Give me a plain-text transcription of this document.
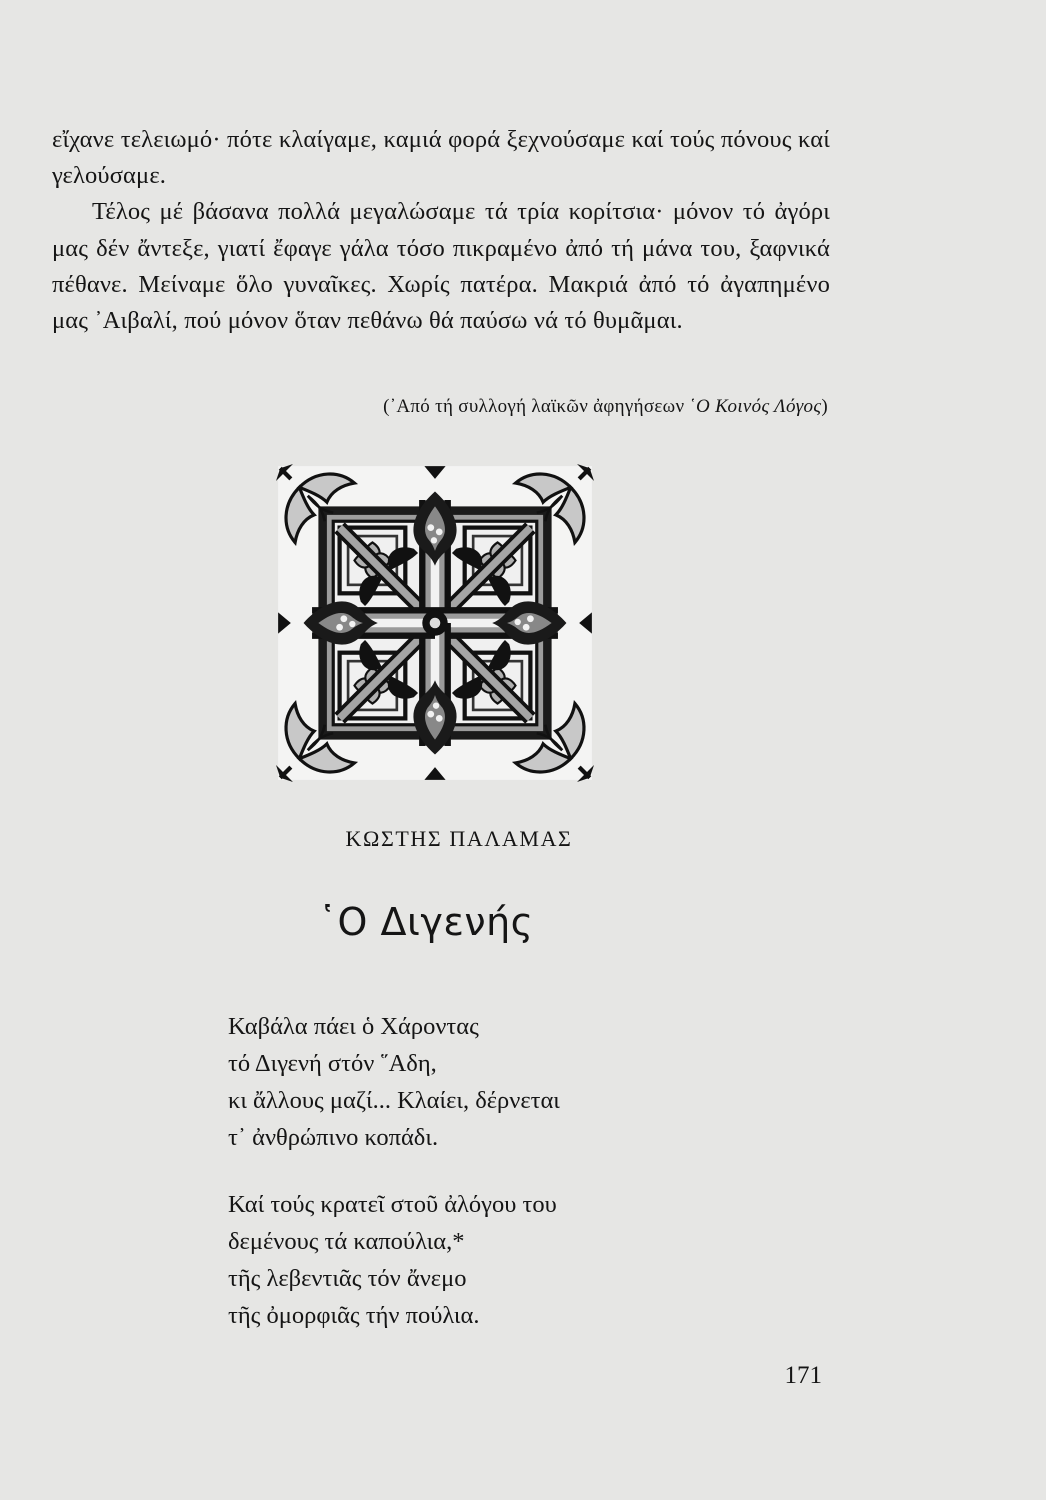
εἴχανε τελειωμό· πότε κλαίγαμε, καμιά φορά ξεχνούσαμε καί τούς πόνους καί γελούσαμε.

Τέλος μέ βάσανα πολλά μεγαλώσαμε τά τρία κορίτσια· μόνον τό ἀγόρι μας δέν ἄντεξε, γιατί ἔφαγε γάλα τόσο πικραμένο ἀπό τή μάνα του, ξαφνικά πέθανε. Μείναμε ὅλο γυναῖκες. Χωρίς πατέρα. Μακριά ἀπό τό ἀγαπημένο μας ᾿Αιβαλί, πού μόνον ὅταν πεθάνω θά παύσω νά τό θυμᾶμαι.

(᾿Από τή συλλογή λαϊκῶν ἀφηγήσεων ῾Ο Κοινός Λόγος)
ΚΩΣΤΗΣ ΠΑΛΑΜΑΣ
῾Ο Διγενής
Καβάλα πάει ὁ Χάροντας
τό Διγενή στόν ῞Αδη,
κι ἄλλους μαζί... Κλαίει, δέρνεται
τ᾿ ἀνθρώπινο κοπάδι.
Καί τούς κρατεῖ στοῦ ἀλόγου του
δεμένους τά καπούλια,*
τῆς λεβεντιᾶς τόν ἄνεμο
τῆς ὀμορφιᾶς τήν πούλια.
171
